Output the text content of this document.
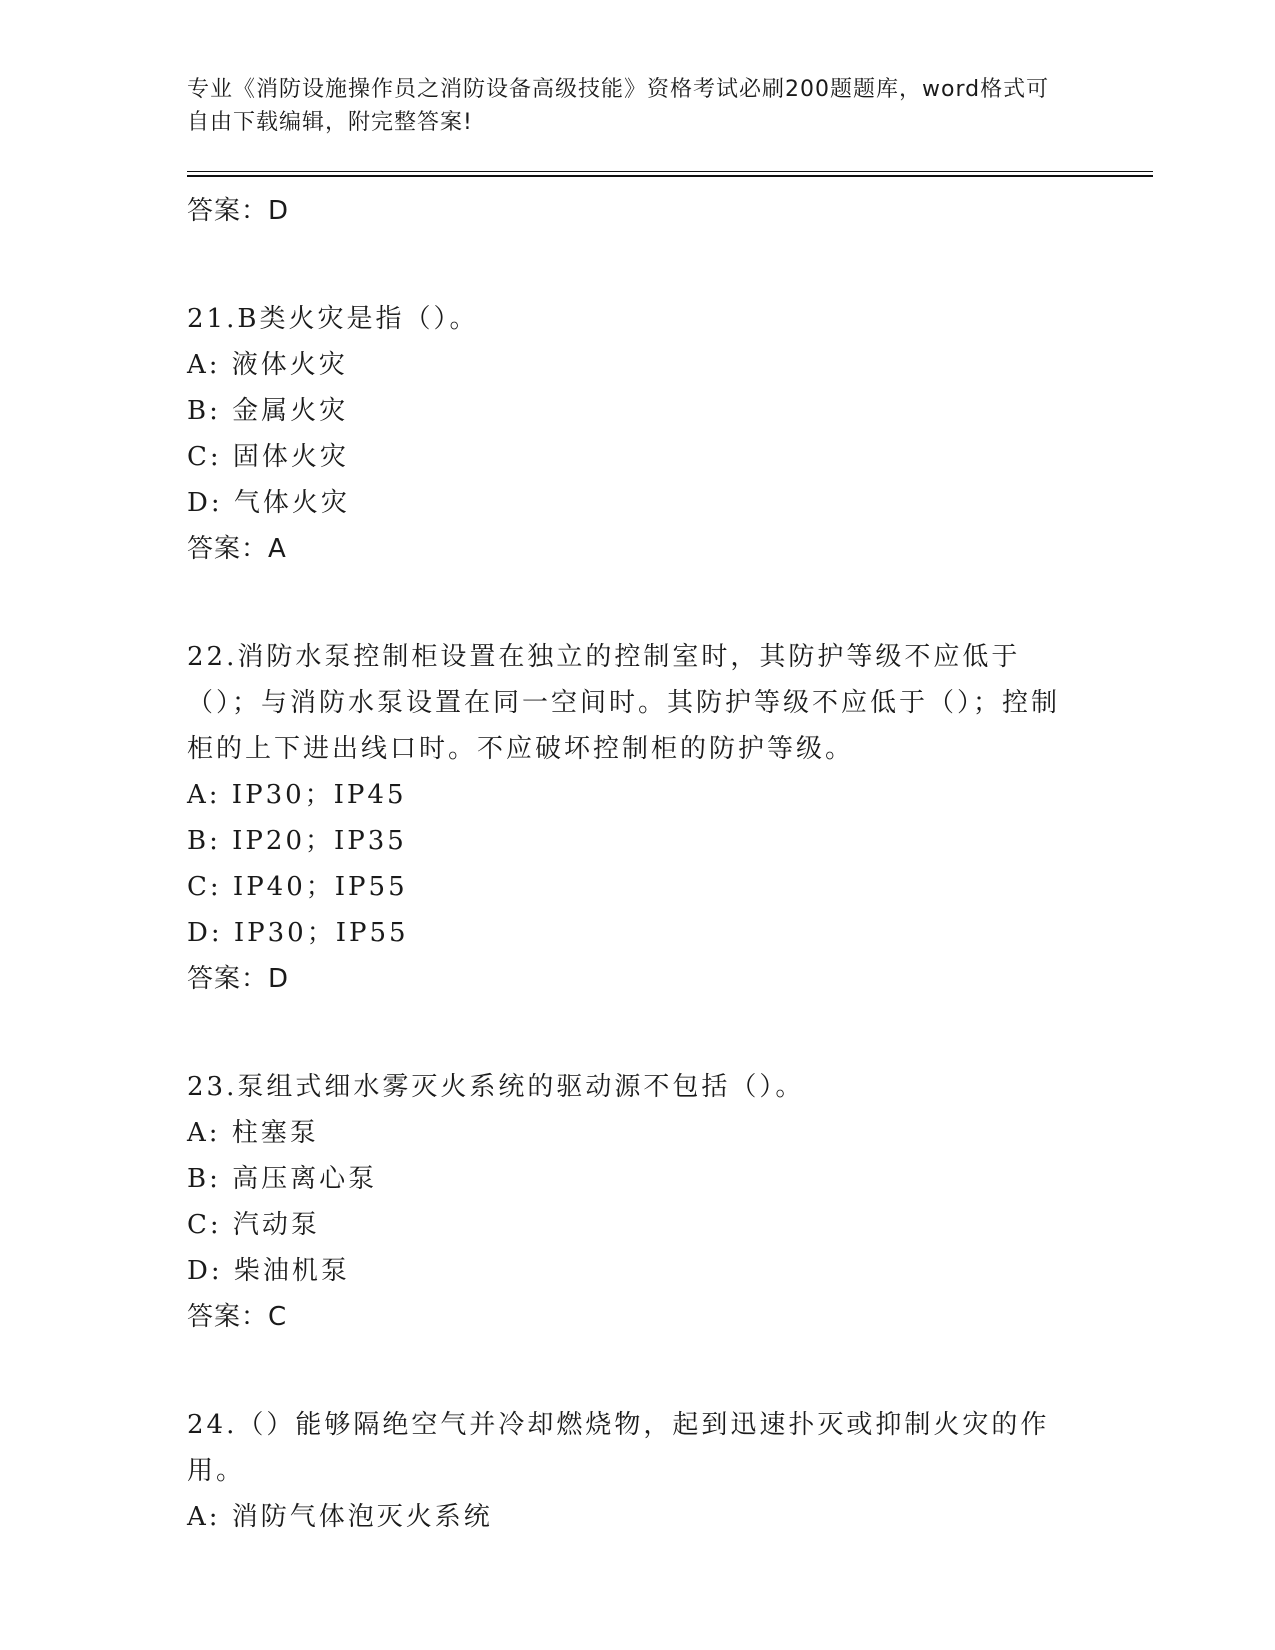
专业《消防设施操作员之消防设备高级技能》资格考试必刷200题题库，word格式可自由下载编辑，附完整答案!
答案：D
21.B类火灾是指（）。
A: 液体火灾
B: 金属火灾
C: 固体火灾
D: 气体火灾
答案：A
22.消防水泵控制柜设置在独立的控制室时，其防护等级不应低于（）；与消防水泵设置在同一空间时。其防护等级不应低于（）；控制柜的上下进出线口时。不应破坏控制柜的防护等级。
A: IP30；IP45
B: IP20；IP35
C: IP40；IP55
D: IP30；IP55
答案：D
23.泵组式细水雾灭火系统的驱动源不包括（）。
A: 柱塞泵
B: 高压离心泵
C: 汽动泵
D: 柴油机泵
答案：C
24.（）能够隔绝空气并冷却燃烧物，起到迅速扑灭或抑制火灾的作用。
A: 消防气体泡灭火系统
